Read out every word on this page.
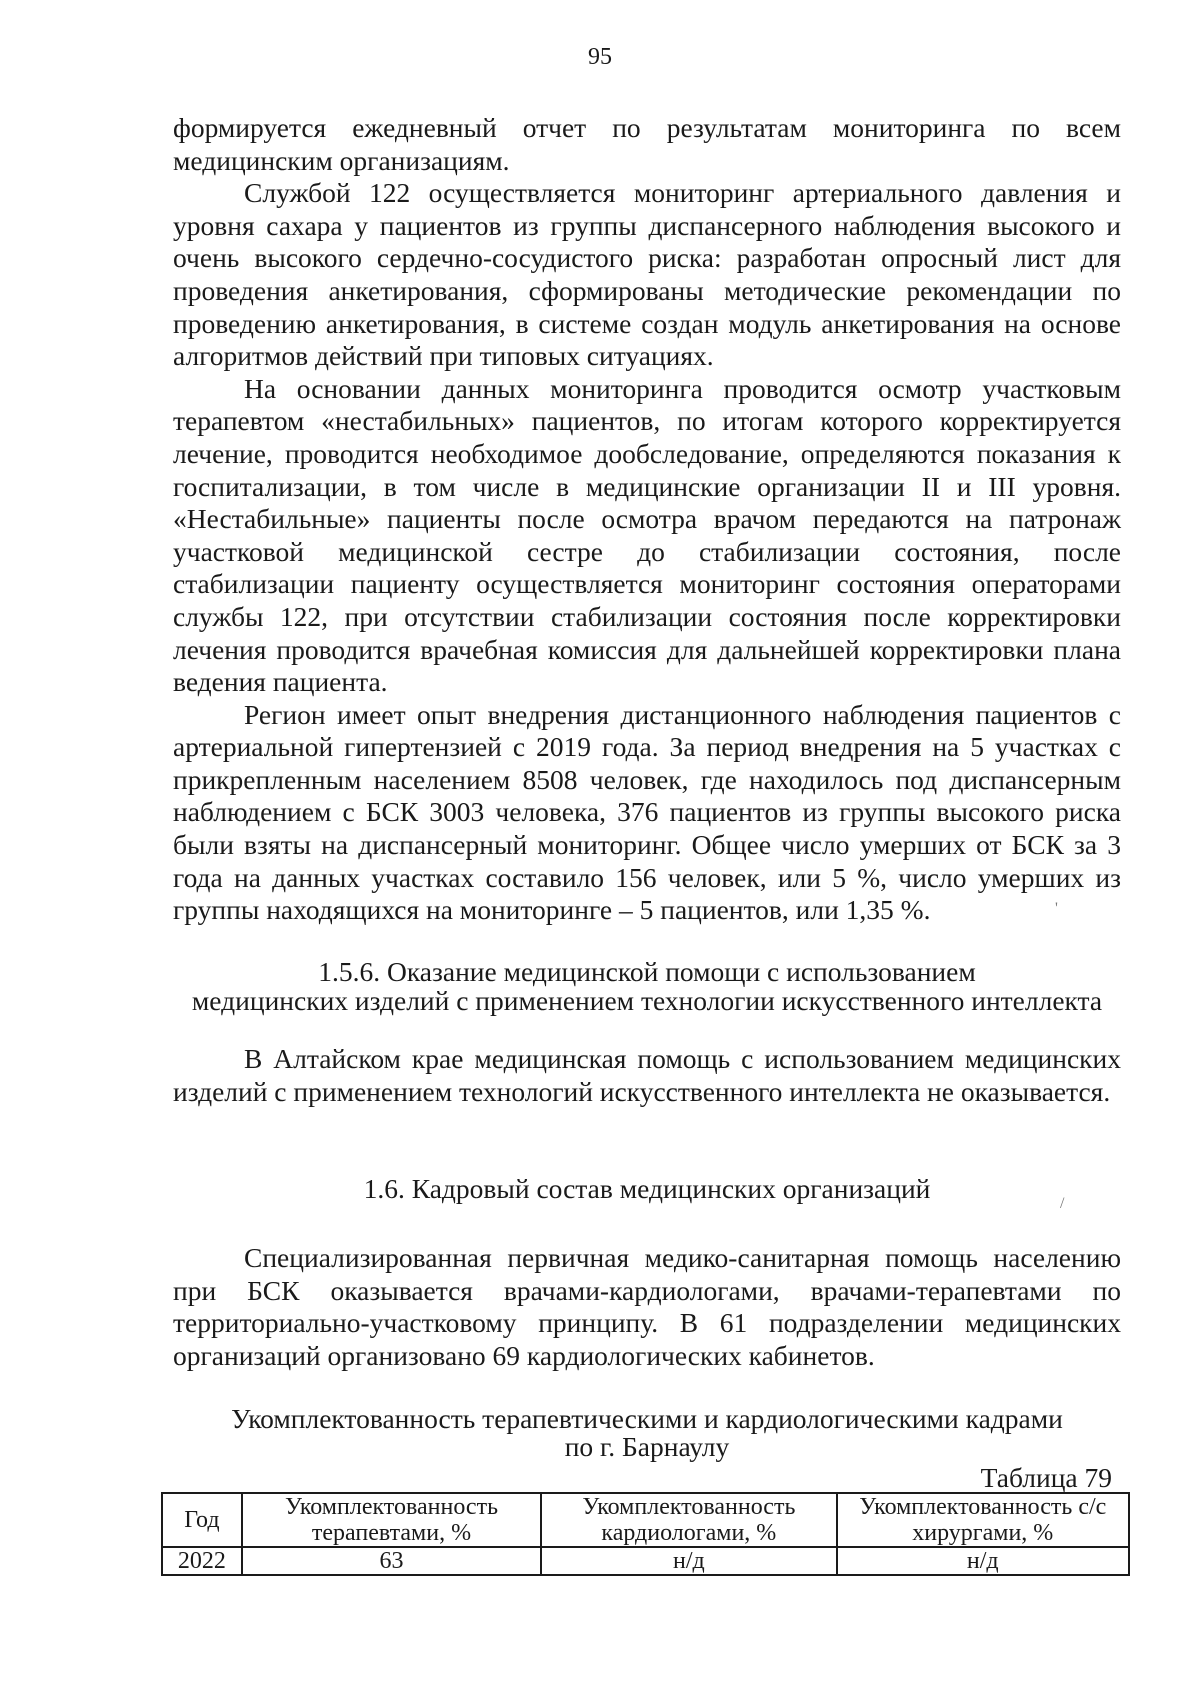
95

формируется ежедневный отчет по результатам мониторинга по всем медицинским организациям.

Службой 122 осуществляется мониторинг артериального давления и уровня сахара у пациентов из группы диспансерного наблюдения высокого и очень высокого сердечно-сосудистого риска: разработан опросный лист для проведения анкетирования, сформированы методические рекомендации по проведению анкетирования, в системе создан модуль анкетирования на основе алгоритмов действий при типовых ситуациях.

На основании данных мониторинга проводится осмотр участковым терапевтом «нестабильных» пациентов, по итогам которого корректируется лечение, проводится необходимое дообследование, определяются показания к госпитализации, в том числе в медицинские организации II и III уровня. «Нестабильные» пациенты после осмотра врачом передаются на патронаж участковой медицинской сестре до стабилизации состояния, после стабилизации пациенту осуществляется мониторинг состояния операторами службы 122, при отсутствии стабилизации состояния после корректировки лечения проводится врачебная комиссия для дальнейшей корректировки плана ведения пациента.

Регион имеет опыт внедрения дистанционного наблюдения пациентов с артериальной гипертензией с 2019 года. За период внедрения на 5 участках с прикрепленным населением 8508 человек, где находилось под диспансерным наблюдением с БСК 3003 человека, 376 пациентов из группы высокого риска были взяты на диспансерный мониторинг. Общее число умерших от БСК за 3 года на данных участках составило 156 человек, или 5 %, число умерших из группы находящихся на мониторинге – 5 пациентов, или 1,35 %.

1.5.6. Оказание медицинской помощи с использованием
медицинских изделий с применением технологии искусственного интеллекта

В Алтайском крае медицинская помощь с использованием медицинских изделий с применением технологий искусственного интеллекта не оказывается.

1.6. Кадровый состав медицинских организаций

Специализированная первичная медико-санитарная помощь населению при БСК оказывается врачами-кардиологами, врачами-терапевтами по территориально-участковому принципу. В 61 подразделении медицинских организаций организовано 69 кардиологических кабинетов.

Укомплектованность терапевтическими и кардиологическими кадрами
по г. Барнаулу
Таблица 79
Год	Укомплектованность терапевтами, %	Укомплектованность кардиологами, %	Укомплектованность с/с хирургами, %
2022	63	н/д	н/д
'
/
